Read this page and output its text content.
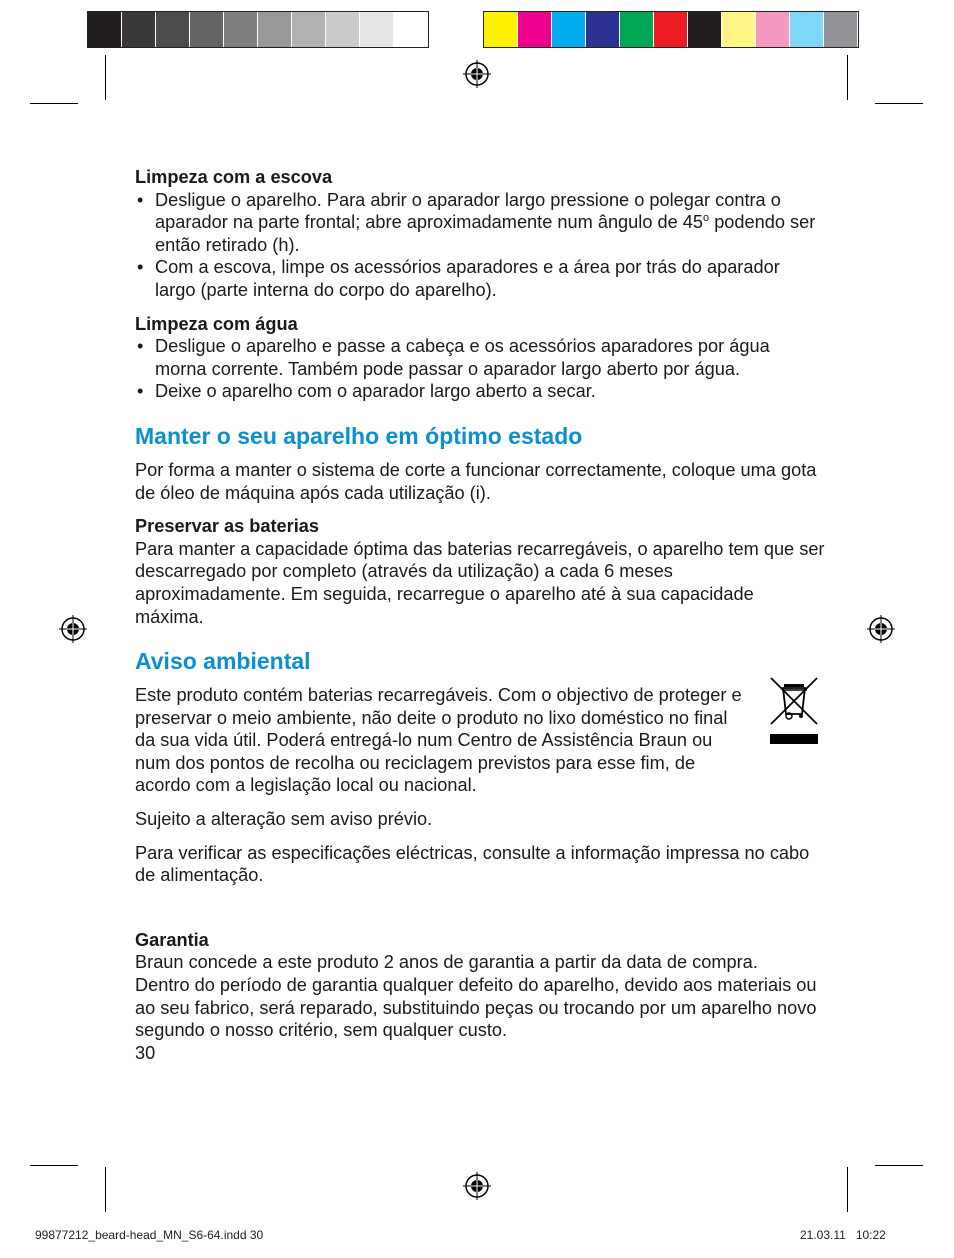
Limpeza com a escova

• Desligue o aparelho. Para abrir o aparador largo pressione o polegar contra o aparador na parte frontal; abre aproximadamente num ângulo de 45$^o$ podendo ser então retirado (h).
• Com a escova, limpe os acessórios aparadores e a área por trás do aparador largo (parte interna do corpo do aparelho).

Limpeza com água

• Desligue o aparelho e passe a cabeça e os acessórios aparadores por água morna corrente. Também pode passar o aparador largo aberto por água.
• Deixe o aparelho com o aparador largo aberto a secar.

Manter o seu aparelho em óptimo estado

Por forma a manter o sistema de corte a funcionar correctamente, coloque uma gota de óleo de máquina após cada utilização (i).

Preservar as baterias

Para manter a capacidade óptima das baterias recarregáveis, o aparelho tem que ser descarregado por completo (através da utilização) a cada 6 meses aproximadamente. Em seguida, recarregue o aparelho até à sua capacidade máxima.

Aviso ambiental

Este produto contém baterias recarregáveis. Com o objectivo de proteger e preservar o meio ambiente, não deite o produto no lixo doméstico no final da sua vida útil. Poderá entregá-lo num Centro de Assistência Braun ou num dos pontos de recolha ou reciclagem previstos para esse fim, de acordo com a legislação local ou nacional.

Sujeito a alteração sem aviso prévio.

Para verificar as especificações eléctricas, consulte a informação impressa no cabo de alimentação.

Garantia

Braun concede a este produto 2 anos de garantia a partir da data de compra.

Dentro do período de garantia qualquer defeito do aparelho, devido aos materiais ou ao seu fabrico, será reparado, substituindo peças ou trocando por um aparelho novo segundo o nosso critério, sem qualquer custo.

30

99877212_beard-head_MN_S6-64.indd 30	21.03.11   10:22
